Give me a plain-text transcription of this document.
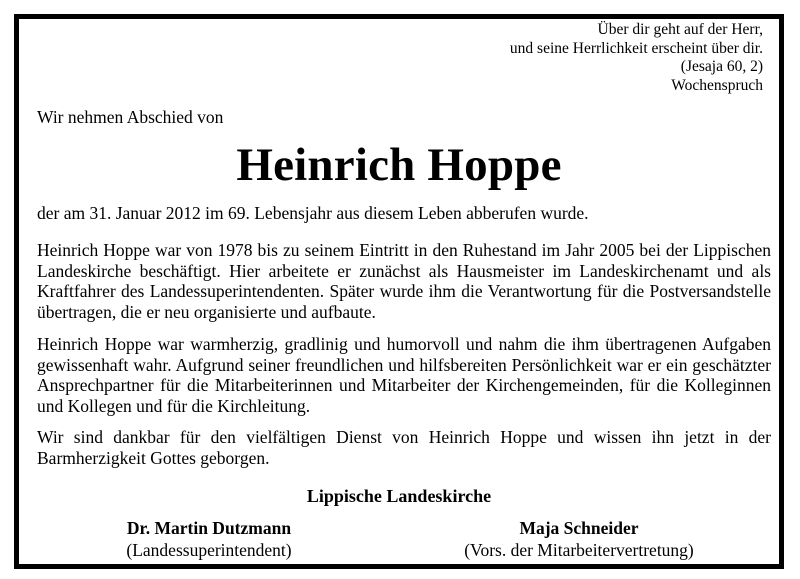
Über dir geht auf der Herr,
und seine Herrlichkeit erscheint über dir.
(Jesaja 60, 2)
Wochenspruch
Wir nehmen Abschied von
Heinrich Hoppe
der am 31. Januar 2012 im 69. Lebensjahr aus diesem Leben abberufen wurde.

Heinrich Hoppe war von 1978 bis zu seinem Eintritt in den Ruhestand im Jahr 2005 bei der Lippischen Landeskirche beschäftigt. Hier arbeitete er zunächst als Hausmeister im Landeskirchenamt und als Kraftfahrer des Landessuperintendenten. Später wurde ihm die Verantwortung für die Postversandstelle übertragen, die er neu organisierte und aufbaute.

Heinrich Hoppe war warmherzig, gradlinig und humorvoll und nahm die ihm übertragenen Aufgaben gewissenhaft wahr. Aufgrund seiner freundlichen und hilfsbereiten Persönlichkeit war er ein geschätzter Ansprechpartner für die Mitarbeiterinnen und Mitarbeiter der Kirchengemeinden, für die Kolleginnen und Kollegen und für die Kirchleitung.

Wir sind dankbar für den vielfältigen Dienst von Heinrich Hoppe und wissen ihn jetzt in der Barmherzigkeit Gottes geborgen.

Lippische Landeskirche
Dr. Martin Dutzmann
(Landessuperintendent)
Maja Schneider
(Vors. der Mitarbeitervertretung)
